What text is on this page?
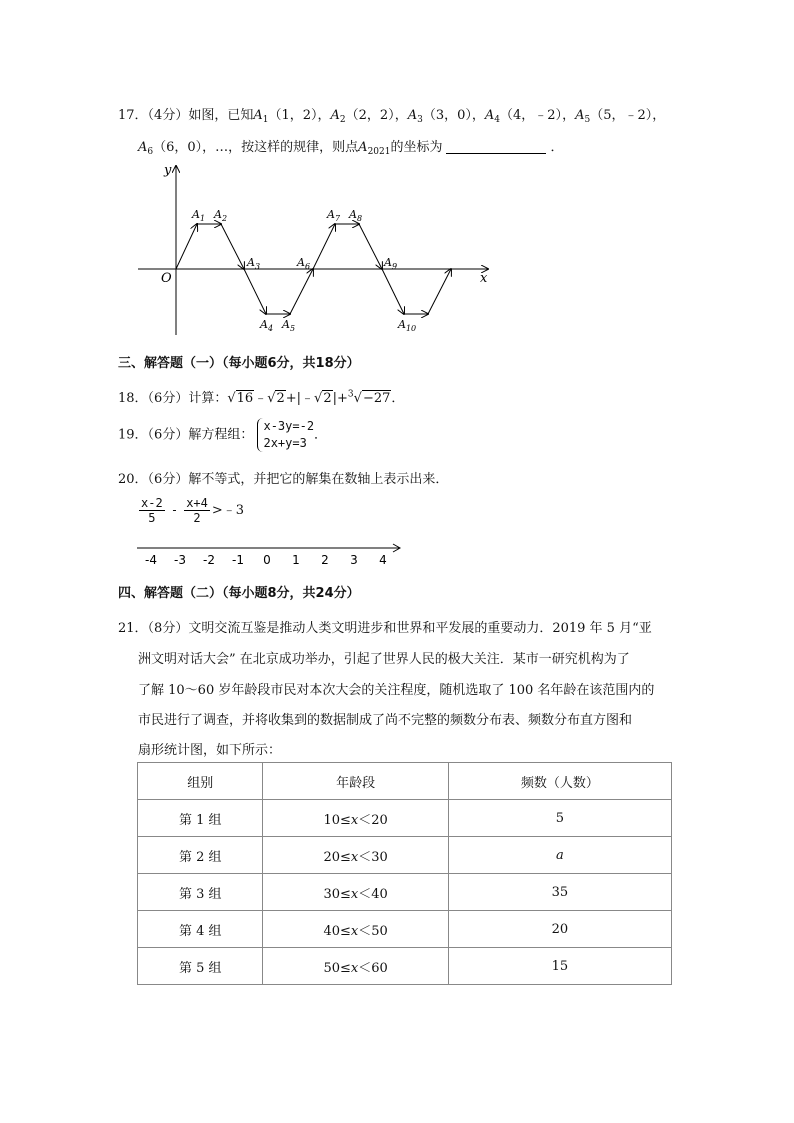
17．（4分）如图，已知$A_1(1$，2），$A_2(2$，2），$A_3(3$，0），$A_4(4$，﹣2），$A_5(5$，﹣2），
$A_6(6$，0），…，按这样的规律，则点$A_{2021}$的坐标为	．
x
y
O
$A_1$ $A_2$
$A_3$
$A_4$ $A_5$
$A_6$
$A_7$ $A_8$
$A_9$
$A_{10}$
三、解答题（一）（每小题6分，共18分）
18．（6分）计算：√16﹣√2+|﹣√2|+$^3$√−27．
19．（6分）解方程组：
x-3y=-2
2x+y=3
．
20．（6分）解不等式，并把它的解集在数轴上表示出来．
$\frac{x-2}{5} - \frac{x+4}{2}$ >﹣3
-4 -3 -2 -1 0 1 2 3 4
四、解答题（二）（每小题8分，共24分）
21．（8分）文明交流互鉴是推动人类文明进步和世界和平发展的重要动力．2019 年 5 月“亚
洲文明对话大会” 在北京成功举办，引起了世界人民的极大关注．某市一研究机构为了
了解 10～60 岁年龄段市民对本次大会的关注程度，随机选取了 100 名年龄在该范围内的
市民进行了调查，并将收集到的数据制成了尚不完整的频数分布表、频数分布直方图和
扇形统计图，如下所示：
组别	年龄段	频数（人数）
第 1 组	10≤x＜20	5
第 2 组	20≤x＜30	a
第 3 组	30≤x＜40	35
第 4 组	40≤x＜50	20
第 5 组	50≤x＜60	15
